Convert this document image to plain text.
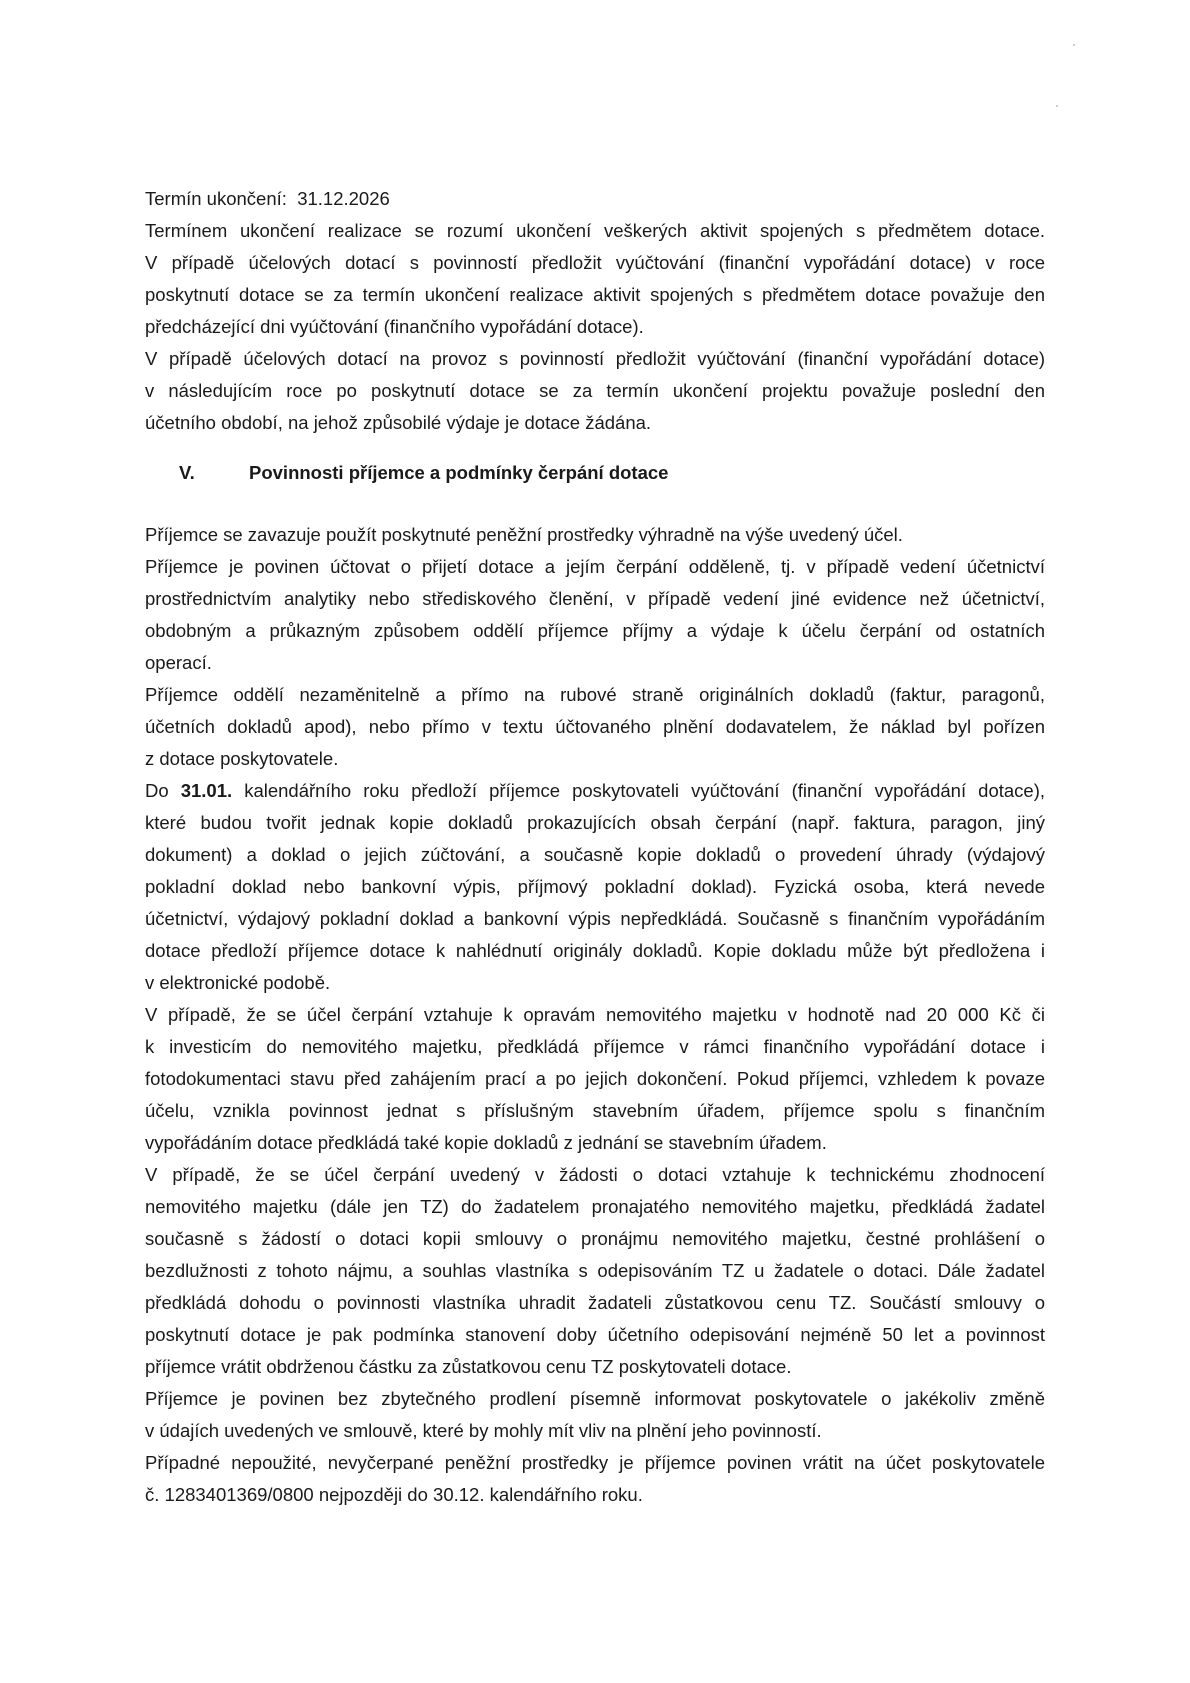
Termín ukončení: 31.12.2026
Termínem ukončení realizace se rozumí ukončení veškerých aktivit spojených s předmětem dotace.
V případě účelových dotací s povinností předložit vyúčtování (finanční vypořádání dotace) v roce
poskytnutí dotace se za termín ukončení realizace aktivit spojených s předmětem dotace považuje den
předcházející dni vyúčtování (finančního vypořádání dotace).
V případě účelových dotací na provoz s povinností předložit vyúčtování (finanční vypořádání dotace)
v následujícím roce po poskytnutí dotace se za termín ukončení projektu považuje poslední den
účetního období, na jehož způsobilé výdaje je dotace žádána.
V.	Povinnosti příjemce a podmínky čerpání dotace
Příjemce se zavazuje použít poskytnuté peněžní prostředky výhradně na výše uvedený účel.
Příjemce je povinen účtovat o přijetí dotace a jejím čerpání odděleně, tj. v případě vedení účetnictví
prostřednictvím analytiky nebo střediskového členění, v případě vedení jiné evidence než účetnictví,
obdobným a průkazným způsobem oddělí příjemce příjmy a výdaje k účelu čerpání od ostatních
operací.
Příjemce oddělí nezaměnitelně a přímo na rubové straně originálních dokladů (faktur, paragonů,
účetních dokladů apod), nebo přímo v textu účtovaného plnění dodavatelem, že náklad byl pořízen
z dotace poskytovatele.
Do 31.01. kalendářního roku předloží příjemce poskytovateli vyúčtování (finanční vypořádání dotace),
které budou tvořit jednak kopie dokladů prokazujících obsah čerpání (např. faktura, paragon, jiný
dokument) a doklad o jejich zúčtování, a současně kopie dokladů o provedení úhrady (výdajový
pokladní doklad nebo bankovní výpis, příjmový pokladní doklad). Fyzická osoba, která nevede
účetnictví, výdajový pokladní doklad a bankovní výpis nepředkládá. Současně s finančním vypořádáním
dotace předloží příjemce dotace k nahlédnutí originály dokladů. Kopie dokladu může být předložena i
v elektronické podobě.
V případě, že se účel čerpání vztahuje k opravám nemovitého majetku v hodnotě nad 20 000 Kč či
k investicím do nemovitého majetku, předkládá příjemce v rámci finančního vypořádání dotace i
fotodokumentaci stavu před zahájením prací a po jejich dokončení. Pokud příjemci, vzhledem k povaze
účelu, vznikla povinnost jednat s příslušným stavebním úřadem, příjemce spolu s finančním
vypořádáním dotace předkládá také kopie dokladů z jednání se stavebním úřadem.
V případě, že se účel čerpání uvedený v žádosti o dotaci vztahuje k technickému zhodnocení
nemovitého majetku (dále jen TZ) do žadatelem pronajatého nemovitého majetku, předkládá žadatel
současně s žádostí o dotaci kopii smlouvy o pronájmu nemovitého majetku, čestné prohlášení o
bezdlužnosti z tohoto nájmu, a souhlas vlastníka s odepisováním TZ u žadatele o dotaci. Dále žadatel
předkládá dohodu o povinnosti vlastníka uhradit žadateli zůstatkovou cenu TZ. Součástí smlouvy o
poskytnutí dotace je pak podmínka stanovení doby účetního odepisování nejméně 50 let a povinnost
příjemce vrátit obdrženou částku za zůstatkovou cenu TZ poskytovateli dotace.
Příjemce je povinen bez zbytečného prodlení písemně informovat poskytovatele o jakékoliv změně
v údajích uvedených ve smlouvě, které by mohly mít vliv na plnění jeho povinností.
Případné nepoužité, nevyčerpané peněžní prostředky je příjemce povinen vrátit na účet poskytovatele
č. 1283401369/0800 nejpozději do 30.12. kalendářního roku.
